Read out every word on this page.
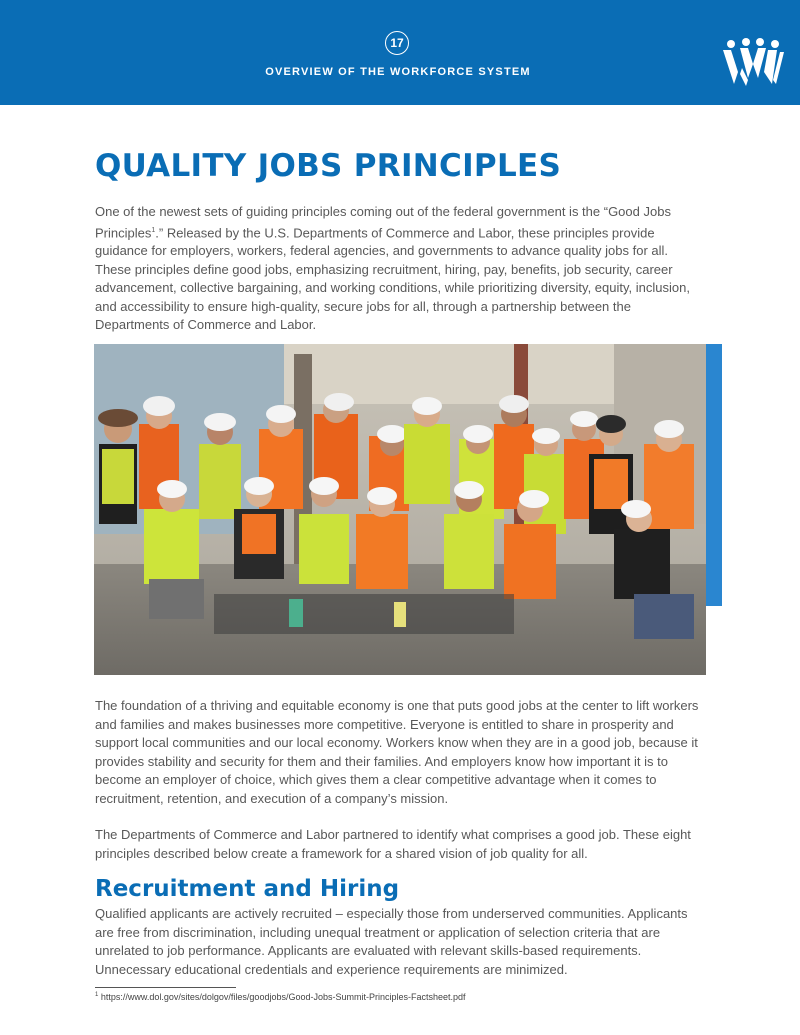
17
OVERVIEW OF THE WORKFORCE SYSTEM
QUALITY JOBS PRINCIPLES

One of the newest sets of guiding principles coming out of the federal government is the “Good Jobs Principles$^1$.” Released by the U.S. Departments of Commerce and Labor, these principles provide guidance for employers, workers, federal agencies, and governments to advance quality jobs for all. These principles define good jobs, emphasizing recruitment, hiring, pay, benefits, job security, career advancement, collective bargaining, and working conditions, while prioritizing diversity, equity, inclusion, and accessibility to ensure high-quality, secure jobs for all, through a partnership between the Departments of Commerce and Labor.

The foundation of a thriving and equitable economy is one that puts good jobs at the center to lift workers and families and makes businesses more competitive. Everyone is entitled to share in prosperity and support local communities and our local economy. Workers know when they are in a good job, because it provides stability and security for them and their families. And employers know how important it is to become an employer of choice, which gives them a clear competitive advantage when it comes to recruitment, retention, and execution of a company’s mission.

The Departments of Commerce and Labor partnered to identify what comprises a good job. These eight principles described below create a framework for a shared vision of job quality for all.

Recruitment and Hiring

Qualified applicants are actively recruited – especially those from underserved communities. Applicants are free from discrimination, including unequal treatment or application of selection criteria that are unrelated to job performance. Applicants are evaluated with relevant skills-based requirements. Unnecessary educational credentials and experience requirements are minimized.

$^1$ https://www.dol.gov/sites/dolgov/files/goodjobs/Good-Jobs-Summit-Principles-Factsheet.pdf
